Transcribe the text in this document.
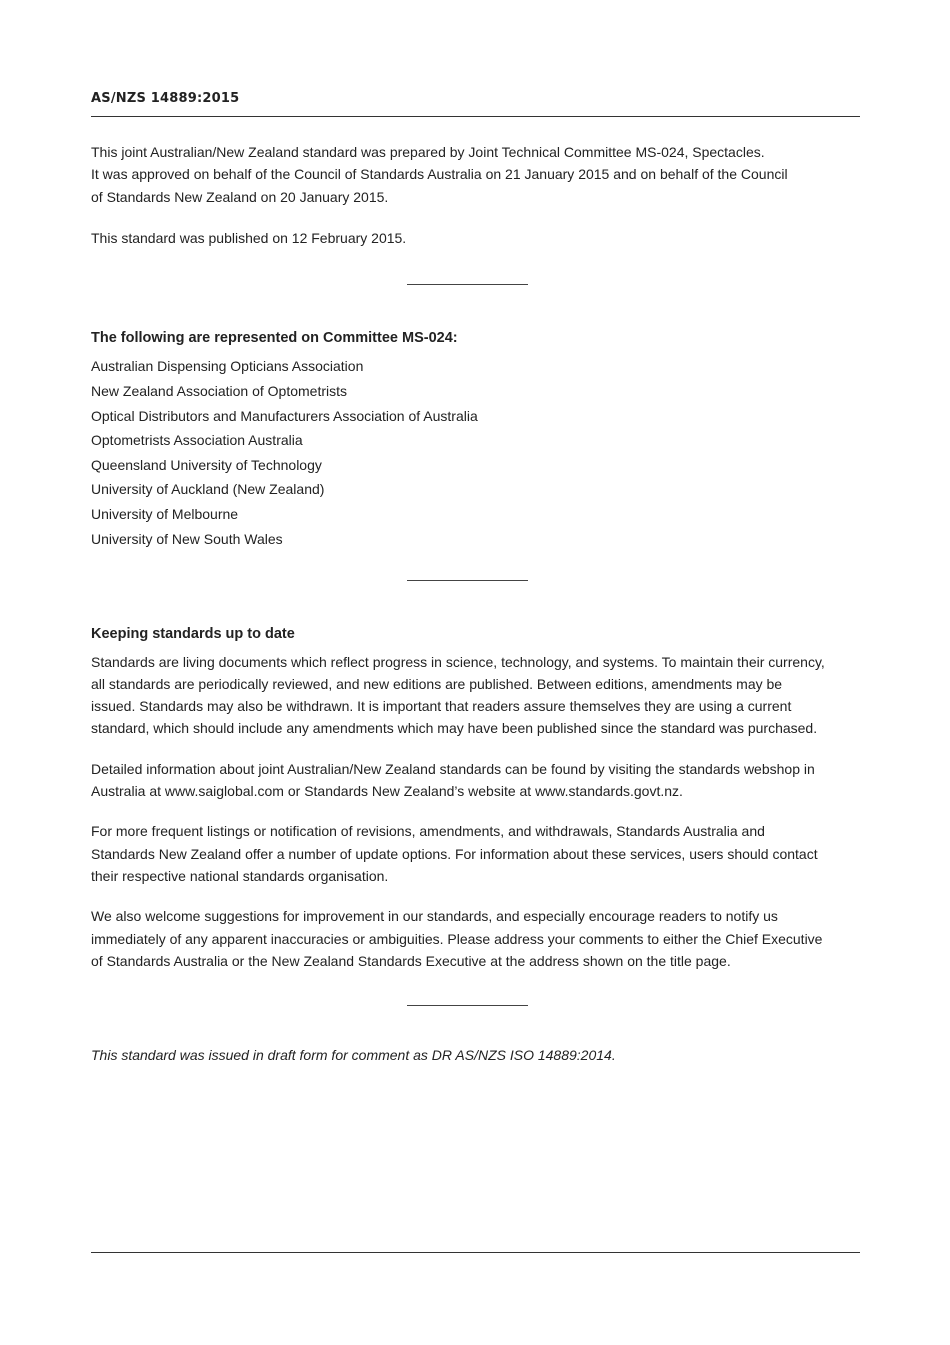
AS/NZS 14889:2015

This joint Australian/New Zealand standard was prepared by Joint Technical Committee MS-024, Spectacles.

It was approved on behalf of the Council of Standards Australia on 21 January 2015 and on behalf of the Council

of Standards New Zealand on 20 January 2015.

This standard was published on 12 February 2015.

The following are represented on Committee MS-024:
Australian Dispensing Opticians Association
New Zealand Association of Optometrists
Optical Distributors and Manufacturers Association of Australia
Optometrists Association Australia
Queensland University of Technology
University of Auckland (New Zealand)
University of Melbourne
University of New South Wales
Keeping standards up to date

Standards are living documents which reflect progress in science, technology, and systems. To maintain their currency,

all standards are periodically reviewed, and new editions are published. Between editions, amendments may be

issued. Standards may also be withdrawn. It is important that readers assure themselves they are using a current

standard, which should include any amendments which may have been published since the standard was purchased.

Detailed information about joint Australian/New Zealand standards can be found by visiting the standards webshop in

Australia at www.saiglobal.com or Standards New Zealand’s website at www.standards.govt.nz.

For more frequent listings or notification of revisions, amendments, and withdrawals, Standards Australia and

Standards New Zealand offer a number of update options. For information about these services, users should contact

their respective national standards organisation.

We also welcome suggestions for improvement in our standards, and especially encourage readers to notify us

immediately of any apparent inaccuracies or ambiguities. Please address your comments to either the Chief Executive

of Standards Australia or the New Zealand Standards Executive at the address shown on the title page.

This standard was issued in draft form for comment as DR AS/NZS ISO 14889:2014.
